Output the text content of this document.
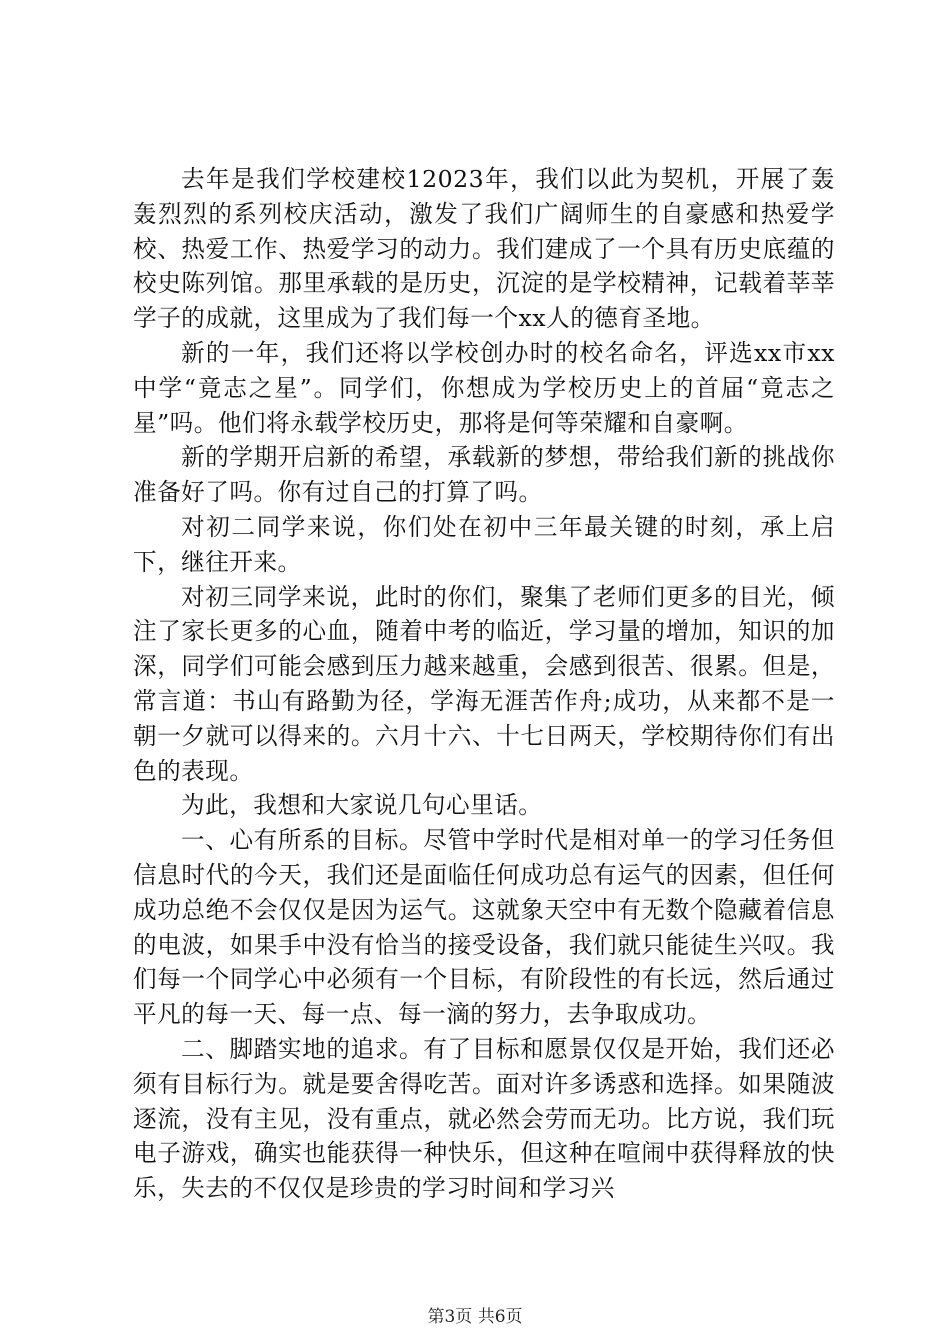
去年是我们学校建校12023年，我们以此为契机，开展了轰轰烈烈的系列校庆活动，激发了我们广阔师生的自豪感和热爱学校、热爱工作、热爱学习的动力。我们建成了一个具有历史底蕴的校史陈列馆。那里承载的是历史，沉淀的是学校精神，记载着莘莘学子的成就，这里成为了我们每一个xx人的德育圣地。

新的一年，我们还将以学校创办时的校名命名，评选xx市xx中学“竟志之星”。同学们，你想成为学校历史上的首届“竟志之星”吗。他们将永载学校历史，那将是何等荣耀和自豪啊。

新的学期开启新的希望，承载新的梦想，带给我们新的挑战你准备好了吗。你有过自己的打算了吗。

对初二同学来说，你们处在初中三年最关键的时刻，承上启下，继往开来。

对初三同学来说，此时的你们，聚集了老师们更多的目光，倾注了家长更多的心血，随着中考的临近，学习量的增加，知识的加深，同学们可能会感到压力越来越重，会感到很苦、很累。但是，常言道：书山有路勤为径，学海无涯苦作舟;成功，从来都不是一朝一夕就可以得来的。六月十六、十七日两天，学校期待你们有出色的表现。

为此，我想和大家说几句心里话。

一、心有所系的目标。尽管中学时代是相对单一的学习任务但信息时代的今天，我们还是面临任何成功总有运气的因素，但任何成功总绝不会仅仅是因为运气。这就象天空中有无数个隐藏着信息的电波，如果手中没有恰当的接受设备，我们就只能徒生兴叹。我们每一个同学心中必须有一个目标，有阶段性的有长远，然后通过平凡的每一天、每一点、每一滴的努力，去争取成功。

二、脚踏实地的追求。有了目标和愿景仅仅是开始，我们还必须有目标行为。就是要舍得吃苦。面对许多诱惑和选择。如果随波逐流，没有主见，没有重点，就必然会劳而无功。比方说，我们玩电子游戏，确实也能获得一种快乐，但这种在喧闹中获得释放的快乐，失去的不仅仅是珍贵的学习时间和学习兴

第3页 共6页
